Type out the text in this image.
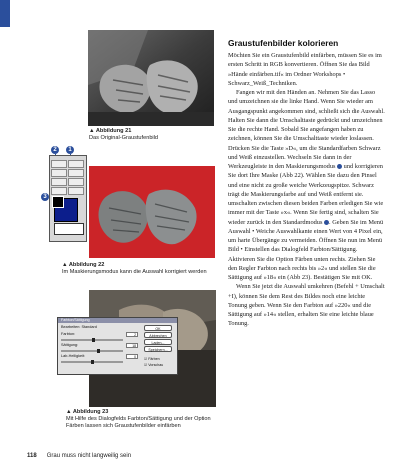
▲ Abbildung 21
Das Original-Graustufenbild
2	1
3
▲ Abbildung 22
Im Maskierungsmodus kann die Auswahl korrigiert werden
Farbton/Sättigung
Bearbeiten: Standard
Farbton:	2
Sättigung:	18
Lab-Helligkeit:	0
OK
Abbrechen
Laden...
Speichern...
☑ Färben
☑ Vorschau
▲ Abbildung 23
Mit Hilfe des Dialogfelds Farbton/Sättigung und der Option Färben lassen sich Graustufenbilder einfärben
Graustufenbilder kolorieren

Möchten Sie ein Graustufenbild einfärben, müssen Sie es im ersten Schritt in RGB konvertieren. Öffnen Sie das Bild »Hände einfärben.tif« im Ordner Workshops • Schwarz_Weiß_Techniken.

Fangen wir mit den Händen an. Nehmen Sie das Lasso und umzeichnen sie die linke Hand. Wenn Sie wieder am Ausgangspunkt angekommen sind, schließt sich die Auswahl. Halten Sie dann die Umschalttaste gedrückt und umzeichnen Sie die rechte Hand. Sobald Sie angefangen haben zu zeichnen, können Sie die Umschalttaste wieder loslassen. Drücken Sie die Taste »D«, um die Standardfarben Schwarz und Weiß einzustellen. Wechseln Sie dann in der Werkzeugleiste in den Maskierungsmodus und korrigieren Sie dort Ihre Maske (Abb 22). Wählen Sie dazu den Pinsel und eine nicht zu große weiche Werkzeugspitze. Schwarz trägt die Maskierungsfarbe auf und Weiß entfernt sie. umschalten zwischen diesen beiden Farben erledigen Sie wie immer mit der Taste »x«. Wenn Sie fertig sind, schalten Sie wieder zurück in den Standardmodus . Geben Sie im Menü Auswahl • Weiche Auswahlkante einen Wert von 4 Pixel ein, um harte Übergänge zu vermeiden. Öffnen Sie nun im Menü Bild • Einstellen das Dialogfeld Farbton/Sättigung. Aktivieren Sie die Option Färben unten rechts. Ziehen Sie den Regler Farbton nach rechts bis »2« und stellen Sie die Sättigung auf »18« ein (Abb 23). Bestätigen Sie mit OK.

Wenn Sie jetzt die Auswahl umkehren (Befehl + Umschalt +I), können Sie dem Rest des Bildes noch eine leichte Tonung geben. Wenn Sie den Farbton auf »220« und die Sättigung auf »14« stellen, erhalten Sie eine leichte blaue Tonung.

118 Grau muss nicht langweilig sein
